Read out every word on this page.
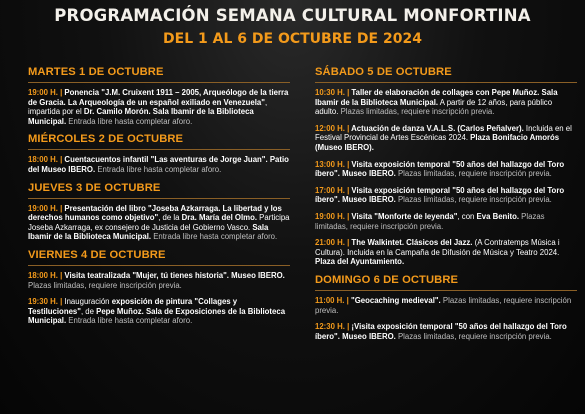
PROGRAMACIÓN SEMANA CULTURAL MONFORTINA
DEL 1 AL 6 DE OCTUBRE DE 2024
MARTES 1 DE OCTUBRE
19:00 H. | Ponencia "J.M. Cruixent 1911 – 2005, Arqueólogo de la tierra de Gracia. La Arqueología de un español exiliado en Venezuela", impartida por el Dr. Camilo Morón. Sala Ibamir de la Biblioteca Municipal. Entrada libre hasta completar aforo.
MIÉRCOLES 2 DE OCTUBRE
18:00 H. | Cuentacuentos infantil "Las aventuras de Jorge Juan". Patio del Museo IBERO. Entrada libre hasta completar aforo.
JUEVES 3 DE OCTUBRE
19:00 H. | Presentación del libro "Joseba Azkarraga. La libertad y los derechos humanos como objetivo", de la Dra. María del Olmo. Participa Joseba Azkarraga, ex consejero de Justicia del Gobierno Vasco. Sala Ibamir de la Biblioteca Municipal. Entrada libre hasta completar aforo.
VIERNES 4 DE OCTUBRE
18:00 H. | Visita teatralizada "Mujer, tú tienes historia". Museo IBERO. Plazas limitadas, requiere inscripción previa.
19:30 H. | Inauguración exposición de pintura "Collages y Testiluciones", de Pepe Muñoz. Sala de Exposiciones de la Biblioteca Municipal. Entrada libre hasta completar aforo.
SÁBADO 5 DE OCTUBRE
10:30 H. | Taller de elaboración de collages con Pepe Muñoz. Sala Ibamir de la Biblioteca Municipal. A partir de 12 años, para público adulto. Plazas limitadas, requiere inscripción previa.
12:00 H. | Actuación de danza V.A.L.S. (Carlos Peñalver). Incluida en el Festival Provincial de Artes Escénicas 2024. Plaza Bonifacio Amorós (Museo IBERO).
13:00 H. | Visita exposición temporal "50 años del hallazgo del Toro íbero". Museo IBERO. Plazas limitadas, requiere inscripción previa.
17:00 H. | Visita exposición temporal "50 años del hallazgo del Toro íbero". Museo IBERO. Plazas limitadas, requiere inscripción previa.
19:00 H. | Visita "Monforte de leyenda", con Eva Benito. Plazas limitadas, requiere inscripción previa.
21:00 H. | The Walkintet. Clásicos del Jazz. (A Contratemps Música i Cultura). Incluida en la Campaña de Difusión de Música y Teatro 2024. Plaza del Ayuntamiento.
DOMINGO 6 DE OCTUBRE
11:00 H. | "Geocaching medieval". Plazas limitadas, requiere inscripción previa.
12:30 H. | ¡Visita exposición temporal "50 años del hallazgo del Toro íbero". Museo IBERO. Plazas limitadas, requiere inscripción previa.
